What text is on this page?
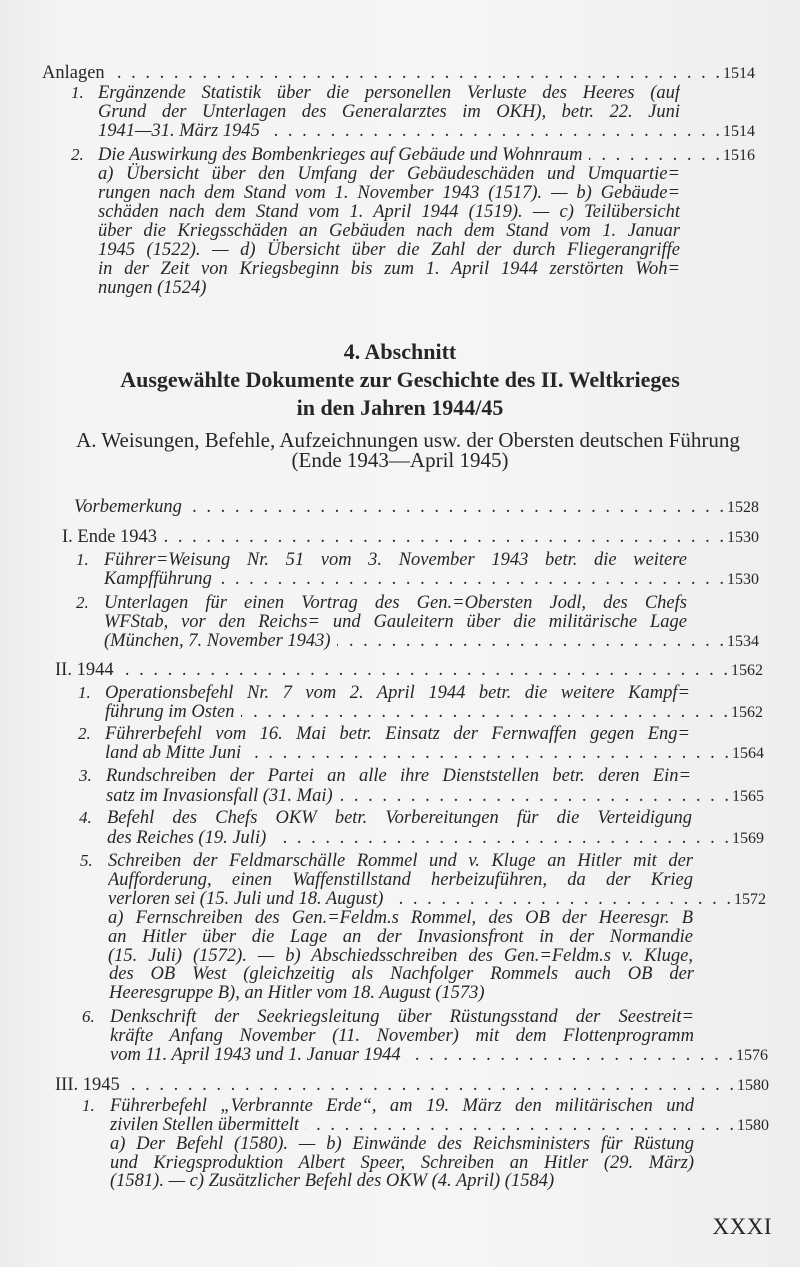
Anlagen . . .	1514
1. Ergänzende Statistik über die personellen Verluste des Heeres (auf
Grund der Unterlagen des Generalarztes im OKH), betr. 22. Juni
1941—31. März 1945 . . .	1514
2. Die Auswirkung des Bombenkrieges auf Gebäude und Wohnraum . . .	1516
a) Übersicht über den Umfang der Gebäudeschäden und Umquartie=
rungen nach dem Stand vom 1. November 1943 (1517). — b) Gebäude=
schäden nach dem Stand vom 1. April 1944 (1519). — c) Teilübersicht
über die Kriegsschäden an Gebäuden nach dem Stand vom 1. Januar
1945 (1522). — d) Übersicht über die Zahl der durch Fliegerangriffe
in der Zeit von Kriegsbeginn bis zum 1. April 1944 zerstörten Woh=
nungen (1524)
4. Abschnitt
Ausgewählte Dokumente zur Geschichte des II. Weltkrieges
in den Jahren 1944/45
A. Weisungen, Befehle, Aufzeichnungen usw. der Obersten deutschen Führung
(Ende 1943—April 1945)
Vorbemerkung . . .	1528
I. Ende 1943 . . .	1530
1. Führer=Weisung Nr. 51 vom 3. November 1943 betr. die weitere
Kampfführung . . .	1530
2. Unterlagen für einen Vortrag des Gen.=Obersten Jodl, des Chefs
WFStab, vor den Reichs= und Gauleitern über die militärische Lage
(München, 7. November 1943) . . .	1534
II. 1944 . . .	1562
1. Operationsbefehl Nr. 7 vom 2. April 1944 betr. die weitere Kampf=
führung im Osten . . .	1562
2. Führerbefehl vom 16. Mai betr. Einsatz der Fernwaffen gegen Eng=
land ab Mitte Juni . . .	1564
3. Rundschreiben der Partei an alle ihre Dienststellen betr. deren Ein=
satz im Invasionsfall (31. Mai) . . .	1565
4. Befehl des Chefs OKW betr. Vorbereitungen für die Verteidigung
des Reiches (19. Juli) . . .	1569
5. Schreiben der Feldmarschälle Rommel und v. Kluge an Hitler mit der
Aufforderung, einen Waffenstillstand herbeizuführen, da der Krieg
verloren sei (15. Juli und 18. August) . . .	1572
a) Fernschreiben des Gen.=Feldm.s Rommel, des OB der Heeresgr. B
an Hitler über die Lage an der Invasionsfront in der Normandie
(15. Juli) (1572). — b) Abschiedsschreiben des Gen.=Feldm.s v. Kluge,
des OB West (gleichzeitig als Nachfolger Rommels auch OB der
Heeresgruppe B), an Hitler vom 18. August (1573)
6. Denkschrift der Seekriegsleitung über Rüstungsstand der Seestreit=
kräfte Anfang November (11. November) mit dem Flottenprogramm
vom 11. April 1943 und 1. Januar 1944 . . .	1576
III. 1945 . . .	1580
1. Führerbefehl „Verbrannte Erde“, am 19. März den militärischen und
zivilen Stellen übermittelt . . .	1580
a) Der Befehl (1580). — b) Einwände des Reichsministers für Rüstung
und Kriegsproduktion Albert Speer, Schreiben an Hitler (29. März)
(1581). — c) Zusätzlicher Befehl des OKW (4. April) (1584)
XXXI
